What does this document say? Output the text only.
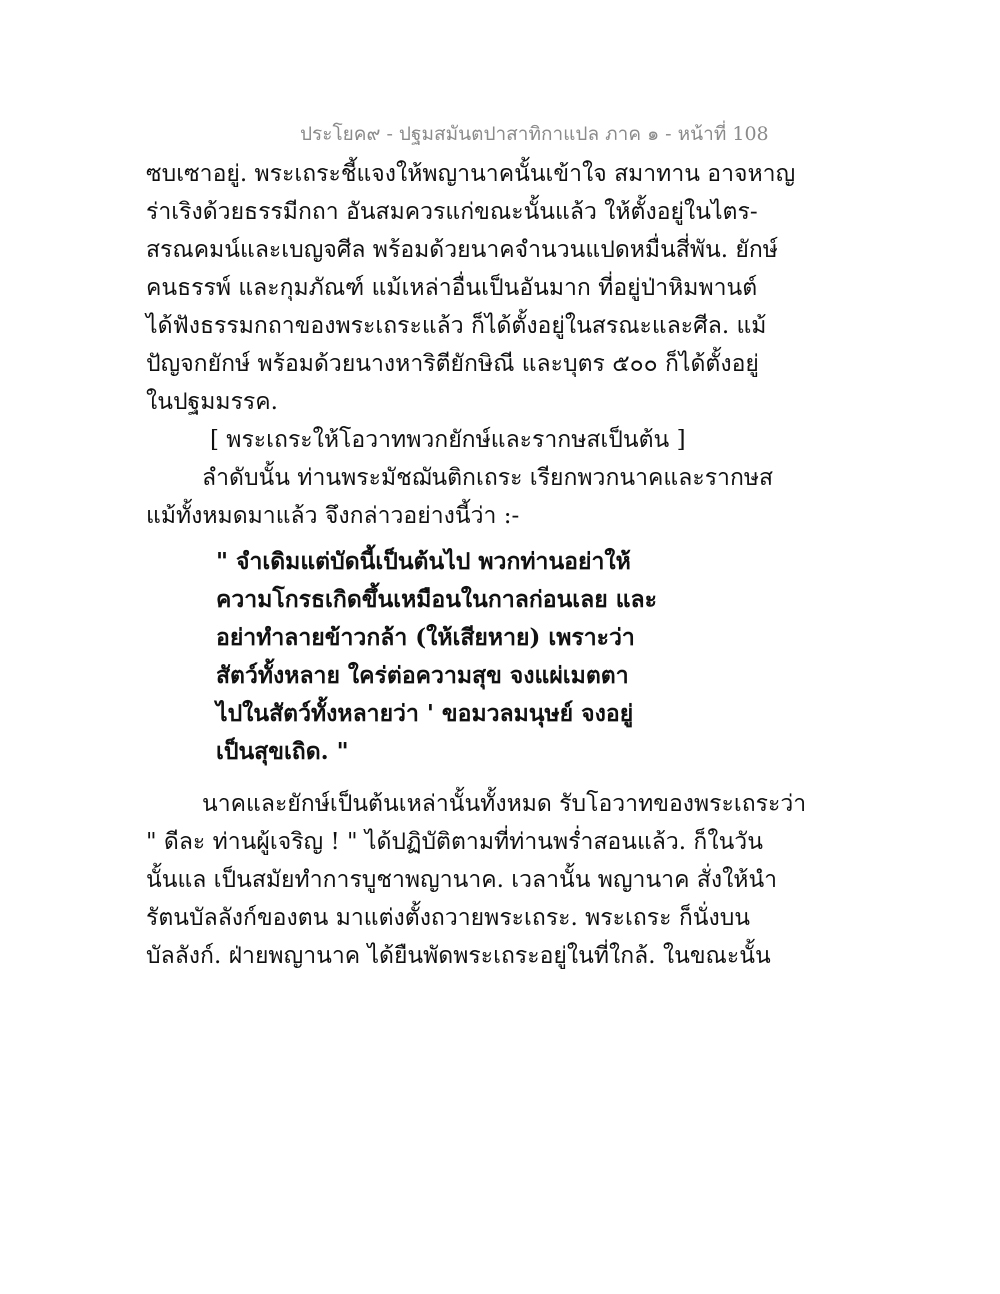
ประโยค๙ - ปฐมสมันตปาสาทิกาแปล ภาค ๑ - หน้าที่ 108
ซบเซาอยู่. พระเถระชี้แจงให้พญานาคนั้นเข้าใจ สมาทาน อาจหาญ
ร่าเริงด้วยธรรมีกถา อันสมควรแก่ขณะนั้นแล้ว ให้ตั้งอยู่ในไตร-
สรณคมน์และเบญจศีล พร้อมด้วยนาคจำนวนแปดหมื่นสี่พัน. ยักษ์
คนธรรพ์ และกุมภัณฑ์ แม้เหล่าอื่นเป็นอันมาก ที่อยู่ป่าหิมพานต์
ได้ฟังธรรมกถาของพระเถระแล้ว ก็ได้ตั้งอยู่ในสรณะและศีล. แม้
ปัญจกยักษ์ พร้อมด้วยนางหาริตียักษิณี และบุตร ๕๐๐ ก็ได้ตั้งอยู่
ในปฐมมรรค.
[ พระเถระให้โอวาทพวกยักษ์และรากษสเป็นต้น ]
ลำดับนั้น ท่านพระมัชฌันติกเถระ เรียกพวกนาคและรากษส
แม้ทั้งหมดมาแล้ว จึงกล่าวอย่างนี้ว่า :-
" จำเดิมแต่บัดนี้เป็นต้นไป พวกท่านอย่าให้
ความโกรธเกิดขึ้นเหมือนในกาลก่อนเลย และ
อย่าทำลายข้าวกล้า (ให้เสียหาย) เพราะว่า
สัตว์ทั้งหลาย ใคร่ต่อความสุข จงแผ่เมตตา
ไปในสัตว์ทั้งหลายว่า ' ขอมวลมนุษย์ จงอยู่
เป็นสุขเถิด. "
นาคและยักษ์เป็นต้นเหล่านั้นทั้งหมด รับโอวาทของพระเถระว่า
" ดีละ ท่านผู้เจริญ ! " ได้ปฏิบัติตามที่ท่านพร่ำสอนแล้ว. ก็ในวัน
นั้นแล เป็นสมัยทำการบูชาพญานาค. เวลานั้น พญานาค สั่งให้นำ
รัตนบัลลังก์ของตน มาแต่งตั้งถวายพระเถระ. พระเถระ ก็นั่งบน
บัลลังก์. ฝ่ายพญานาค ได้ยืนพัดพระเถระอยู่ในที่ใกล้. ในขณะนั้น
